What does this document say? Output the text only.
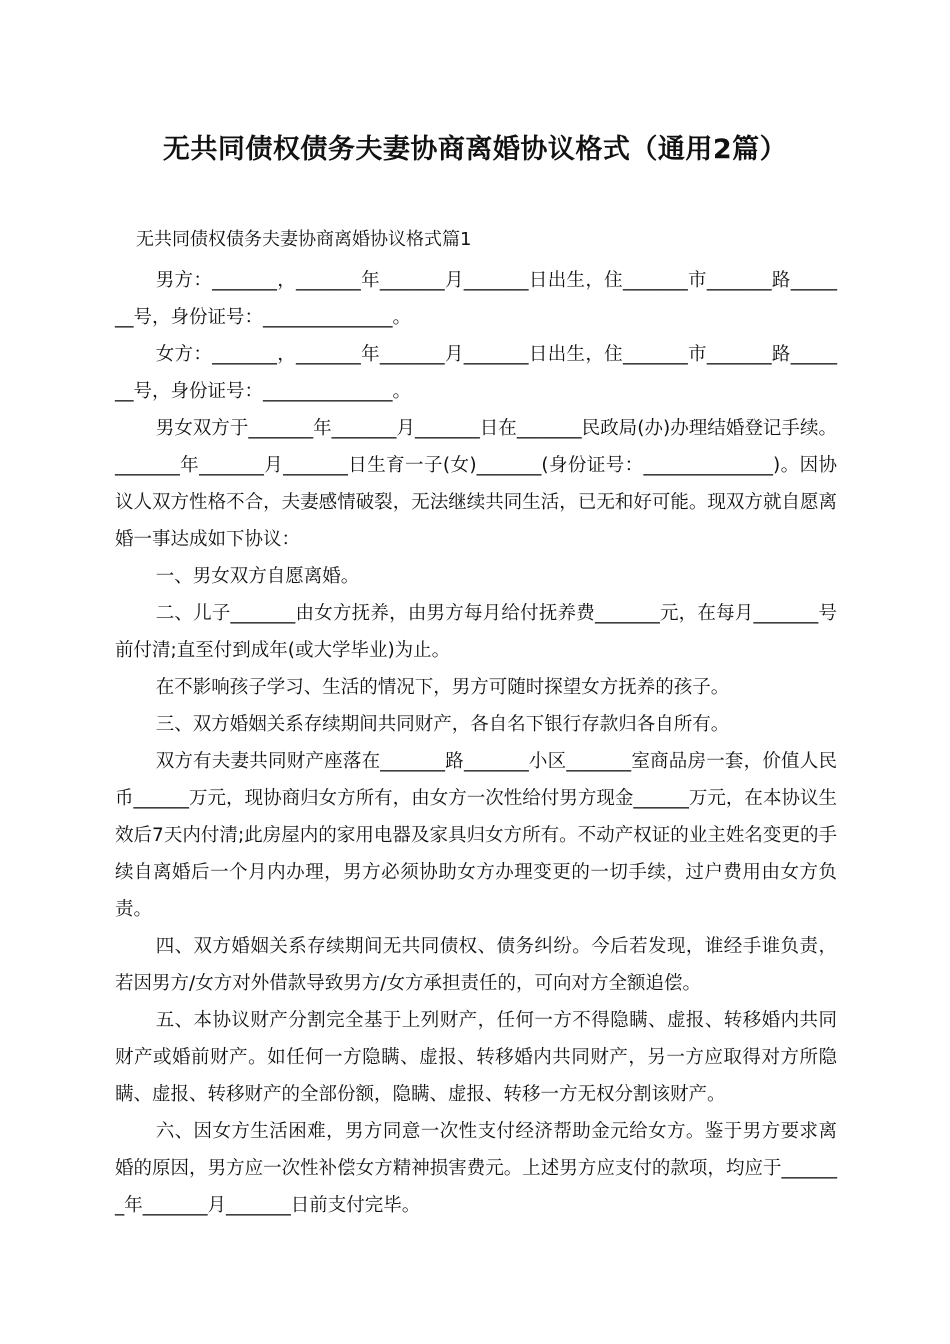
无共同债权债务夫妻协商离婚协议格式（通用2篇）

无共同债权债务夫妻协商离婚协议格式篇1

男方：_______，_______年_______月_______日出生，住_______市_______路_______号，身份证号：______________。

女方：_______，_______年_______月_______日出生，住_______市_______路_______号，身份证号：______________。

男女双方于_______年_______月_______日在_______民政局(办)办理结婚登记手续。_______年_______月_______日生育一子(女)_______(身份证号：______________)。因协议人双方性格不合，夫妻感情破裂，无法继续共同生活，已无和好可能。现双方就自愿离婚一事达成如下协议：

一、男女双方自愿离婚。

二、儿子_______由女方抚养，由男方每月给付抚养费_______元，在每月_______号前付清;直至付到成年(或大学毕业)为止。

在不影响孩子学习、生活的情况下，男方可随时探望女方抚养的孩子。

三、双方婚姻关系存续期间共同财产，各自名下银行存款归各自所有。

双方有夫妻共同财产座落在_______路_______小区_______室商品房一套，价值人民币______万元，现协商归女方所有，由女方一次性给付男方现金______万元，在本协议生效后7天内付清;此房屋内的家用电器及家具归女方所有。不动产权证的业主姓名变更的手续自离婚后一个月内办理，男方必须协助女方办理变更的一切手续，过户费用由女方负责。

四、双方婚姻关系存续期间无共同债权、债务纠纷。今后若发现，谁经手谁负责，若因男方/女方对外借款导致男方/女方承担责任的，可向对方全额追偿。

五、本协议财产分割完全基于上列财产，任何一方不得隐瞒、虚报、转移婚内共同财产或婚前财产。如任何一方隐瞒、虚报、转移婚内共同财产，另一方应取得对方所隐瞒、虚报、转移财产的全部份额，隐瞒、虚报、转移一方无权分割该财产。

六、因女方生活困难，男方同意一次性支付经济帮助金元给女方。鉴于男方要求离婚的原因，男方应一次性补偿女方精神损害费元。上述男方应支付的款项，均应于_______年_______月_______日前支付完毕。
